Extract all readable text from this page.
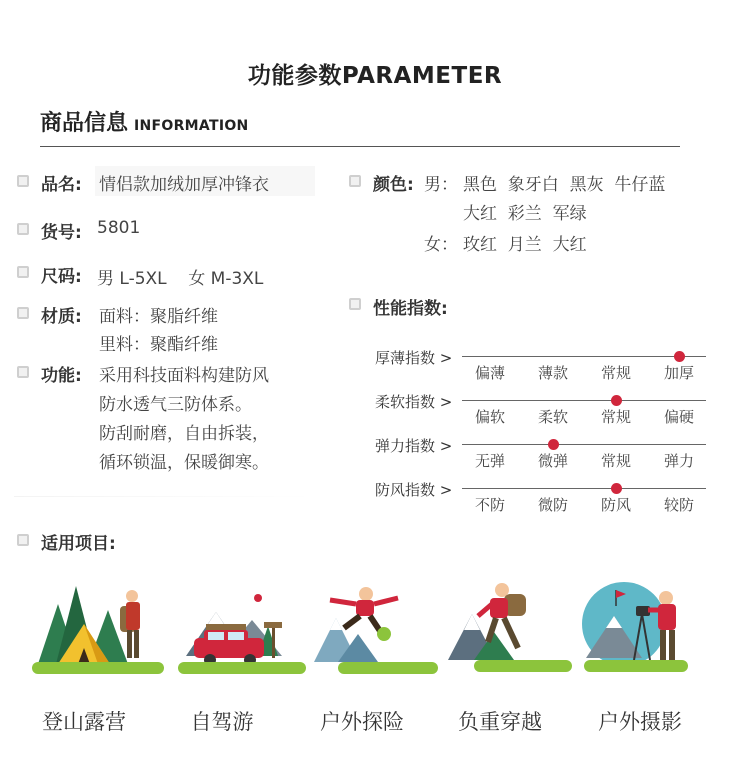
功能参数PARAMETER
商品信息 INFORMATION
品名: 情侣款加绒加厚冲锋衣
货号: 5801
尺码: 男 L-5XL    女 M-3XL
材质: 面料：聚脂纤维
里料：聚酯纤维
功能: 采用科技面料构建防风
防水透气三防体系。
防刮耐磨，自由拆装，
循环锁温，保暖御寒。
颜色: 男： 黑色  象牙白  黑灰  牛仔蓝
大红  彩兰  军绿
女： 玫红  月兰  大红
性能指数:
厚薄指数 >
偏薄	薄款	常规	加厚
柔软指数 >
偏软	柔软	常规	偏硬
弹力指数 >
无弹	微弹	常规	弹力
防风指数 >
不防	微防	防风	较防
适用项目:
登山露营	自驾游	户外探险	负重穿越	户外摄影
